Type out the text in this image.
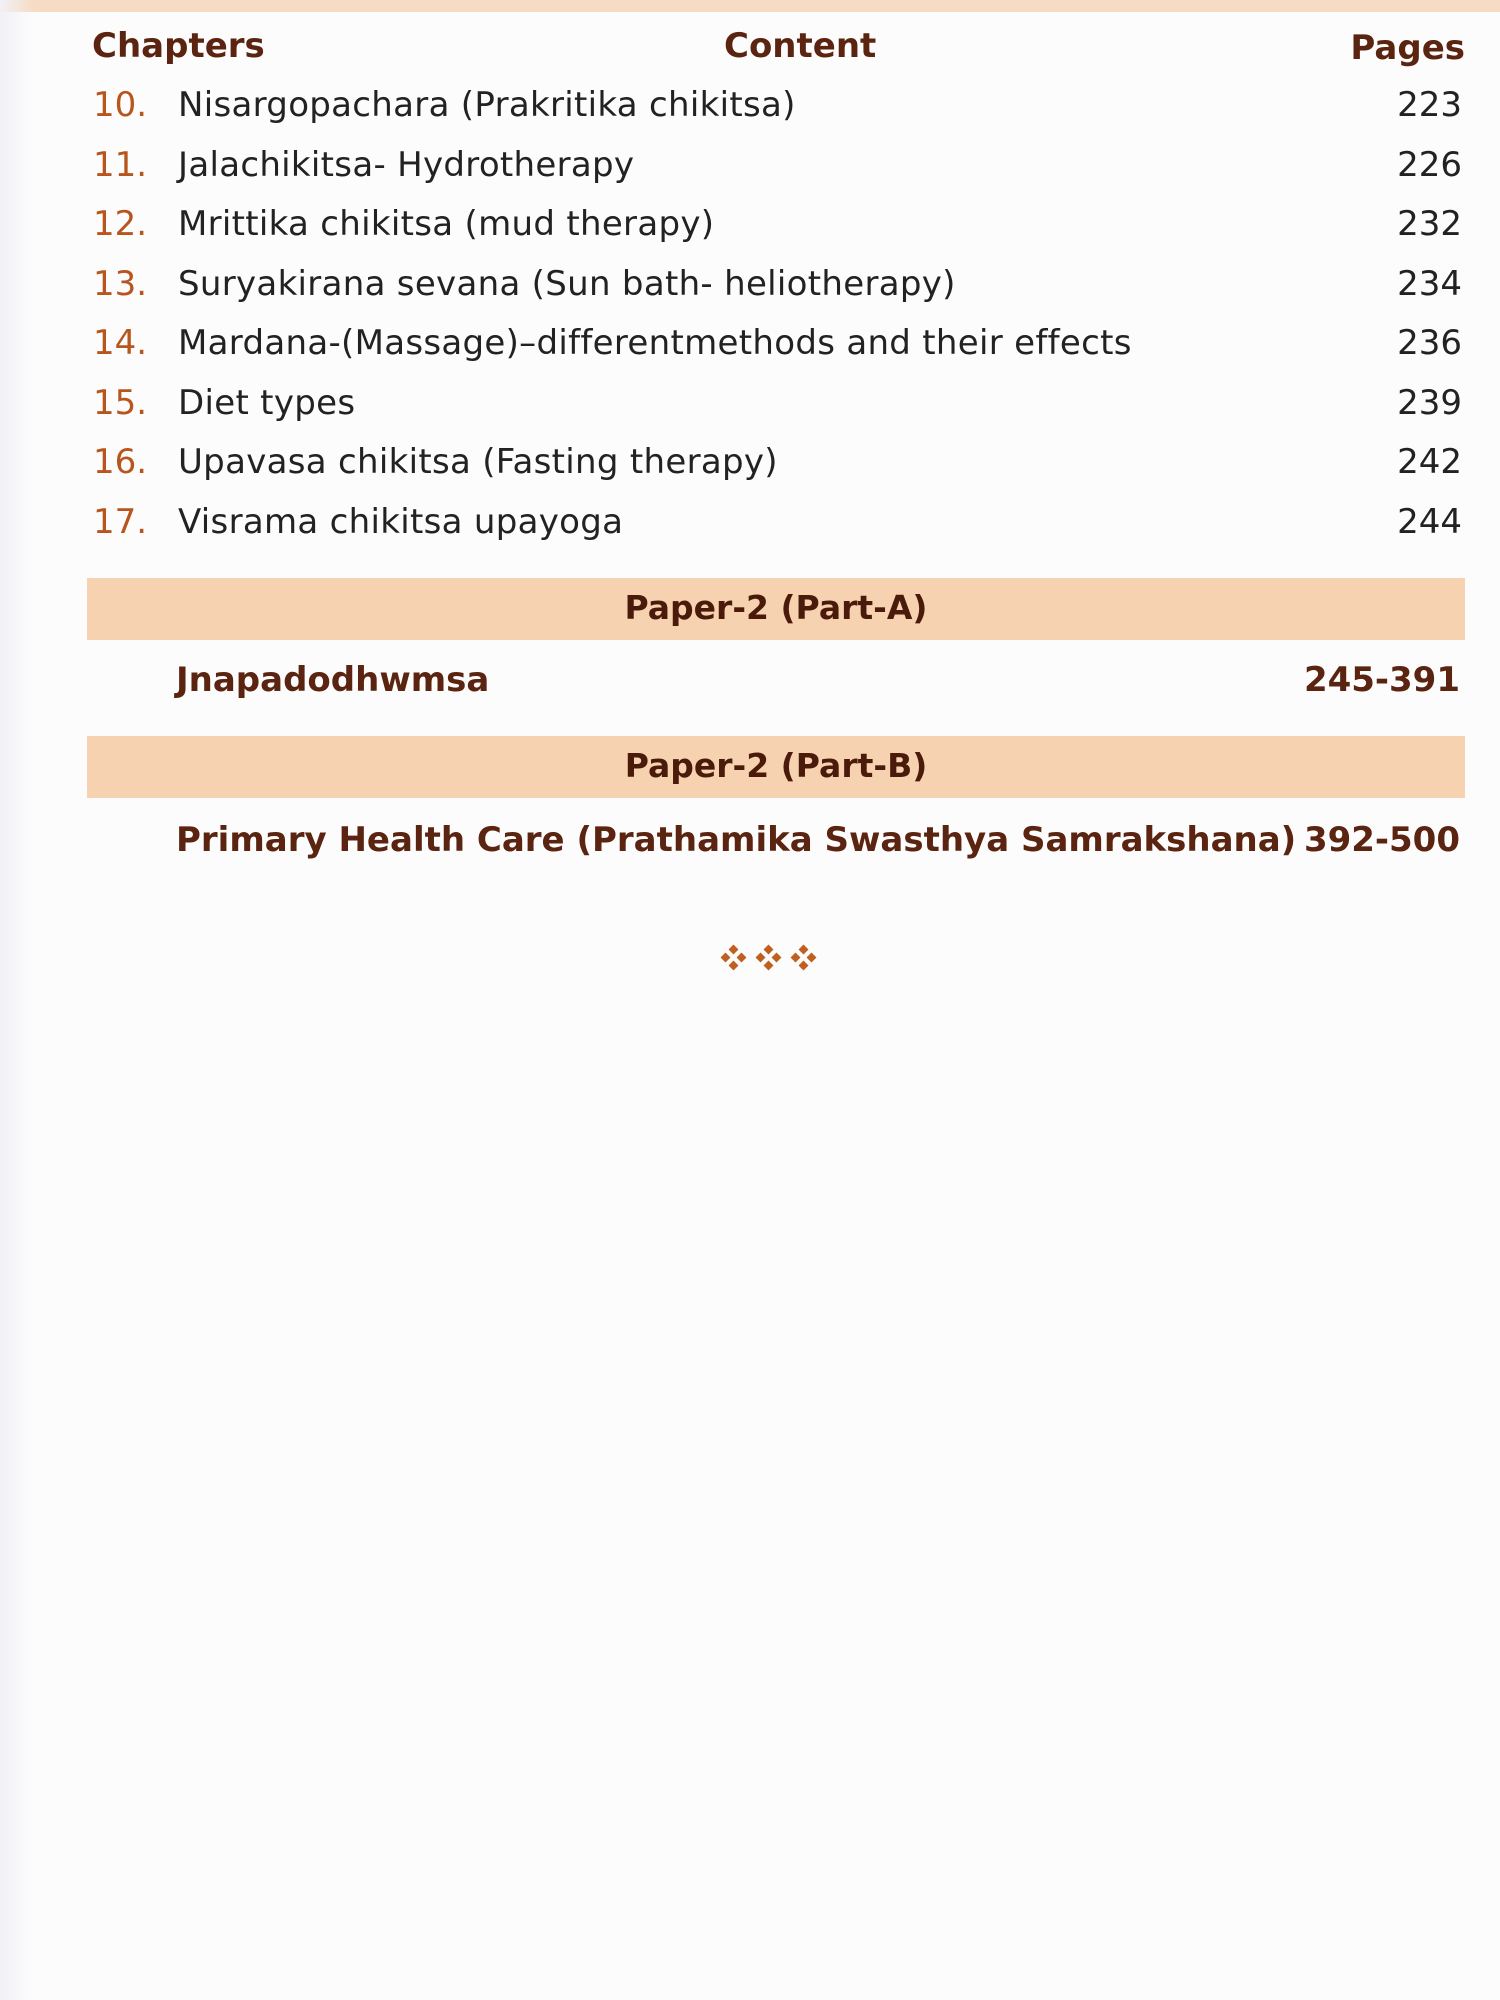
Chapters	Content	Pages
10. Nisargopachara (Prakritika chikitsa)	223
11. Jalachikitsa- Hydrotherapy	226
12. Mrittika chikitsa (mud therapy)	232
13. Suryakirana sevana (Sun bath- heliotherapy)	234
14. Mardana-(Massage)–differentmethods and their effects	236
15. Diet types	239
16. Upavasa chikitsa (Fasting therapy)	242
17. Visrama chikitsa upayoga	244
Paper-2 (Part-A)
Jnapadodhwmsa	245-391
Paper-2 (Part-B)
Primary Health Care (Prathamika Swasthya Samrakshana) 392-500
